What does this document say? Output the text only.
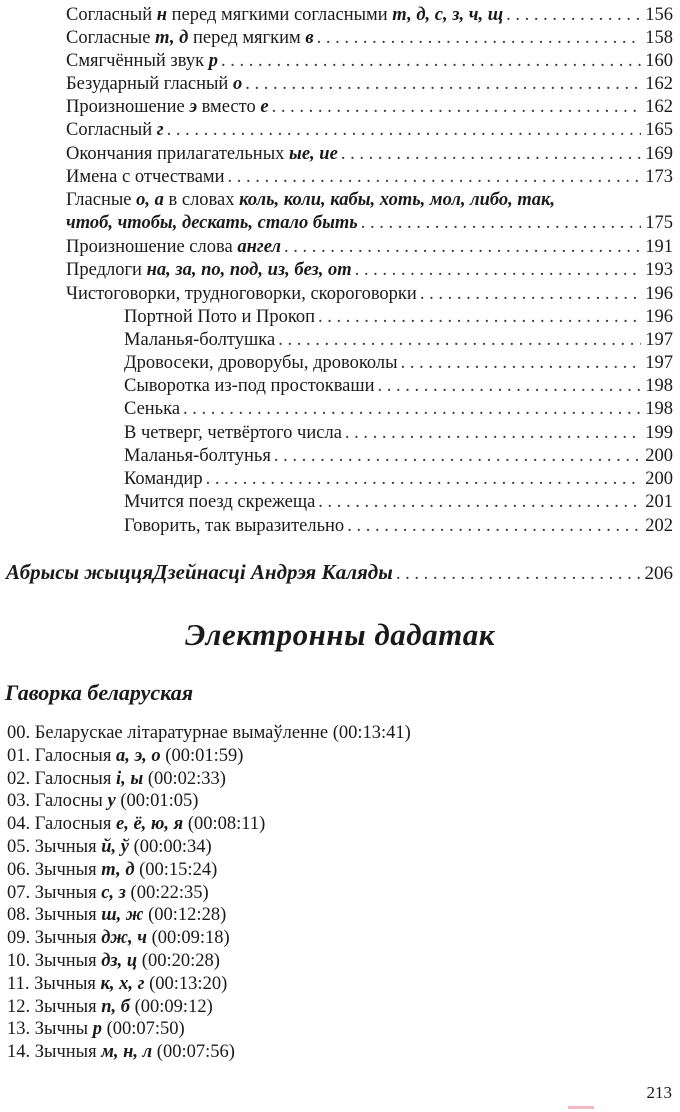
Согласный н перед мягкими согласными т, д, с, з, ч, щ . . .	156
Согласные т, д перед мягким в . . .	158
Смягчённый звук р . . .	160
Безударный гласный о . . .	162
Произношение э вместо е . . .	162
Согласный г . . .	165
Окончания прилагательных ые, ие . . .	169
Имена с отчествами . . .	173
Гласные о, а в словах коль, коли, кабы, хоть, мол, либо, так,
чтоб, чтобы, дескать, стало быть . . .	175
Произношение слова ангел . . .	191
Предлоги на, за, по, под, из, без, от . . .	193
Чистоговорки, трудноговорки, скороговорки . . .	196
Портной Пото и Прокоп . . .	196
Маланья-болтушка . . .	197
Дровосеки, дроворубы, дровоколы . . .	197
Сыворотка из-под простокваши . . .	198
Сенька . . .	198
В четверг, четвёртого числа . . .	199
Маланья-болтунья . . .	200
Командир . . .	200
Мчится поезд скрежеща . . .	201
Говорить, так выразительно . . .	202
Абрысы жыццяДзейнасці Андрэя Каляды . . .	206
Электронны дадатак
Гаворка беларуская
00. Беларускае літаратурнае вымаўленне (00:13:41)
01. Галосныя а, э, о (00:01:59)
02. Галосныя і, ы (00:02:33)
03. Галосны у (00:01:05)
04. Галосныя е, ё, ю, я (00:08:11)
05. Зычныя й, ў (00:00:34)
06. Зычныя т, д (00:15:24)
07. Зычныя с, з (00:22:35)
08. Зычныя ш, ж (00:12:28)
09. Зычныя дж, ч (00:09:18)
10. Зычныя дз, ц (00:20:28)
11. Зычныя к, х, г (00:13:20)
12. Зычныя п, б (00:09:12)
13. Зычны р (00:07:50)
14. Зычныя м, н, л (00:07:56)
213
